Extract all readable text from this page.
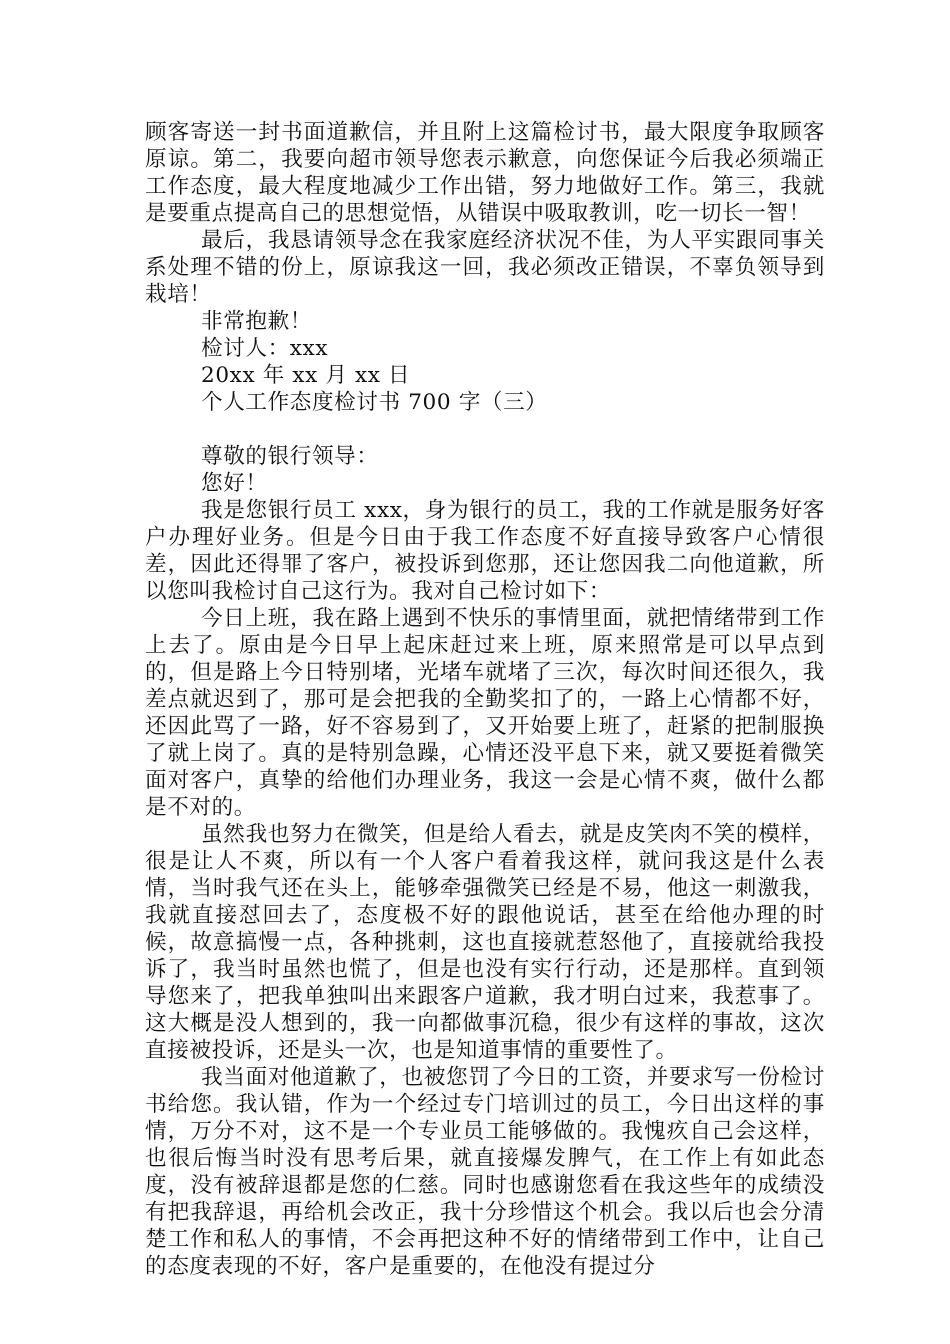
顾客寄送一封书面道歉信，并且附上这篇检讨书，最大限度争取顾客原谅。第二，我要向超市领导您表示歉意，向您保证今后我必须端正工作态度，最大程度地减少工作出错，努力地做好工作。第三，我就是要重点提高自己的思想觉悟，从错误中吸取教训，吃一切长一智！

最后，我恳请领导念在我家庭经济状况不佳，为人平实跟同事关系处理不错的份上，原谅我这一回，我必须改正错误，不辜负领导到栽培！

非常抱歉！

检讨人：xxx

20xx 年 xx 月 xx 日

个人工作态度检讨书 700 字（三）

尊敬的银行领导：

您好！

我是您银行员工 xxx，身为银行的员工，我的工作就是服务好客户办理好业务。但是今日由于我工作态度不好直接导致客户心情很差，因此还得罪了客户，被投诉到您那，还让您因我二向他道歉，所以您叫我检讨自己这行为。我对自己检讨如下：

今日上班，我在路上遇到不快乐的事情里面，就把情绪带到工作上去了。原由是今日早上起床赶过来上班，原来照常是可以早点到的，但是路上今日特别堵，光堵车就堵了三次，每次时间还很久，我差点就迟到了，那可是会把我的全勤奖扣了的，一路上心情都不好，还因此骂了一路，好不容易到了，又开始要上班了，赶紧的把制服换了就上岗了。真的是特别急躁，心情还没平息下来，就又要挺着微笑面对客户，真挚的给他们办理业务，我这一会是心情不爽，做什么都是不对的。

虽然我也努力在微笑，但是给人看去，就是皮笑肉不笑的模样，很是让人不爽，所以有一个人客户看着我这样，就问我这是什么表情，当时我气还在头上，能够牵强微笑已经是不易，他这一刺激我，我就直接怼回去了，态度极不好的跟他说话，甚至在给他办理的时候，故意搞慢一点，各种挑刺，这也直接就惹怒他了，直接就给我投诉了，我当时虽然也慌了，但是也没有实行行动，还是那样。直到领导您来了，把我单独叫出来跟客户道歉，我才明白过来，我惹事了。这大概是没人想到的，我一向都做事沉稳，很少有这样的事故，这次直接被投诉，还是头一次，也是知道事情的重要性了。

我当面对他道歉了，也被您罚了今日的工资，并要求写一份检讨书给您。我认错，作为一个经过专门培训过的员工，今日出这样的事情，万分不对，这不是一个专业员工能够做的。我愧疚自己会这样，也很后悔当时没有思考后果，就直接爆发脾气，在工作上有如此态度，没有被辞退都是您的仁慈。同时也感谢您看在我这些年的成绩没有把我辞退，再给机会改正，我十分珍惜这个机会。我以后也会分清楚工作和私人的事情，不会再把这种不好的情绪带到工作中，让自己的态度表现的不好，客户是重要的，在他没有提过分
